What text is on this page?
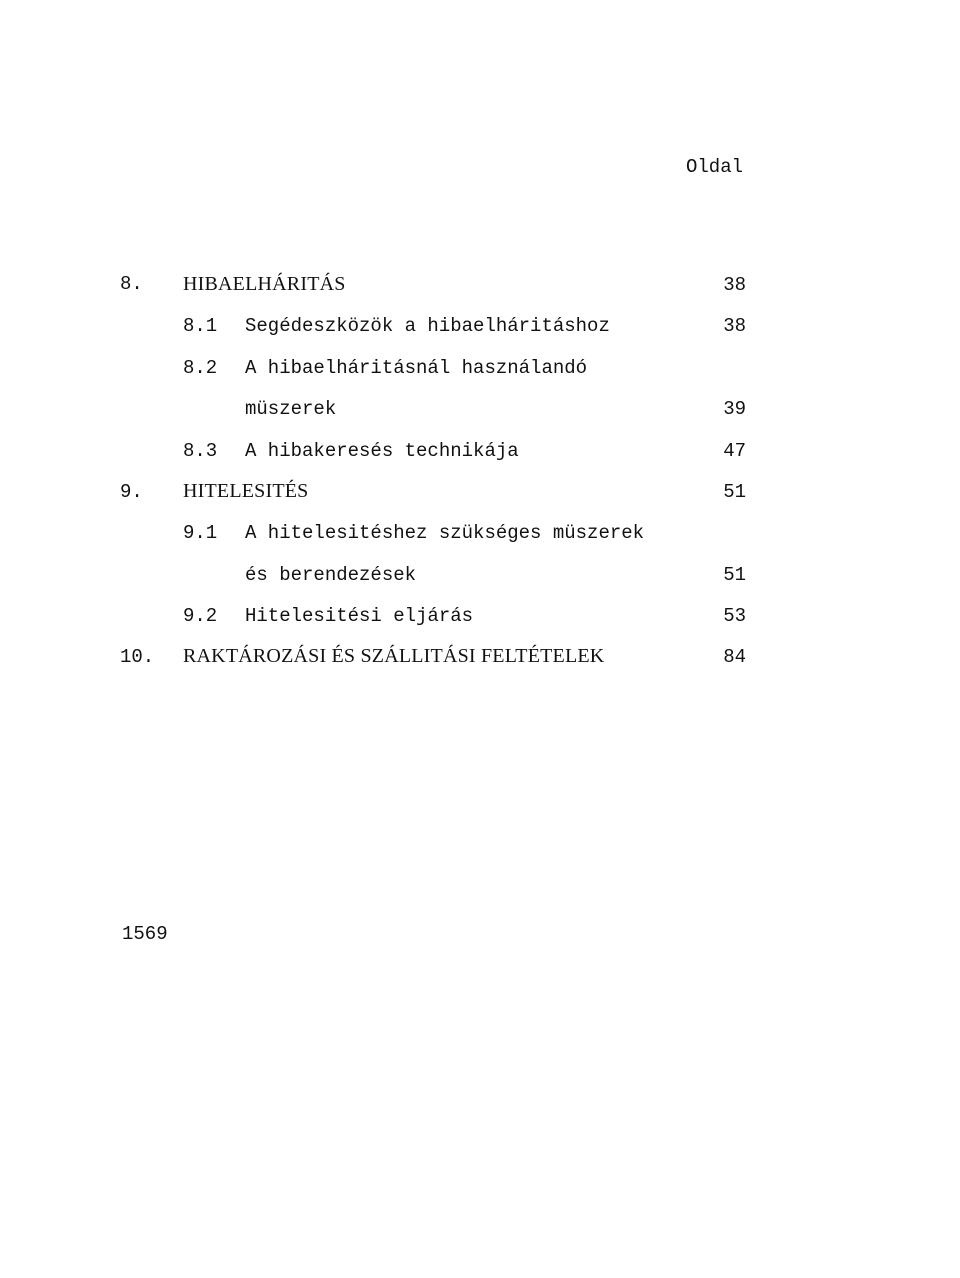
Oldal
8. HIBAELHÁRITÁS	38
8.1 Segédeszközök a hibaelháritáshoz	38
8.2 A hibaelháritásnál használandó
müszerek	39
8.3 A hibakeresés technikája	47
9. HITELESITÉS	51
9.1 A hitelesitéshez szükséges müszerek
és berendezések	51
9.2 Hitelesitési eljárás	53
10. RAKTÁROZÁSI ÉS SZÁLLITÁSI FELTÉTELEK	84
1569
